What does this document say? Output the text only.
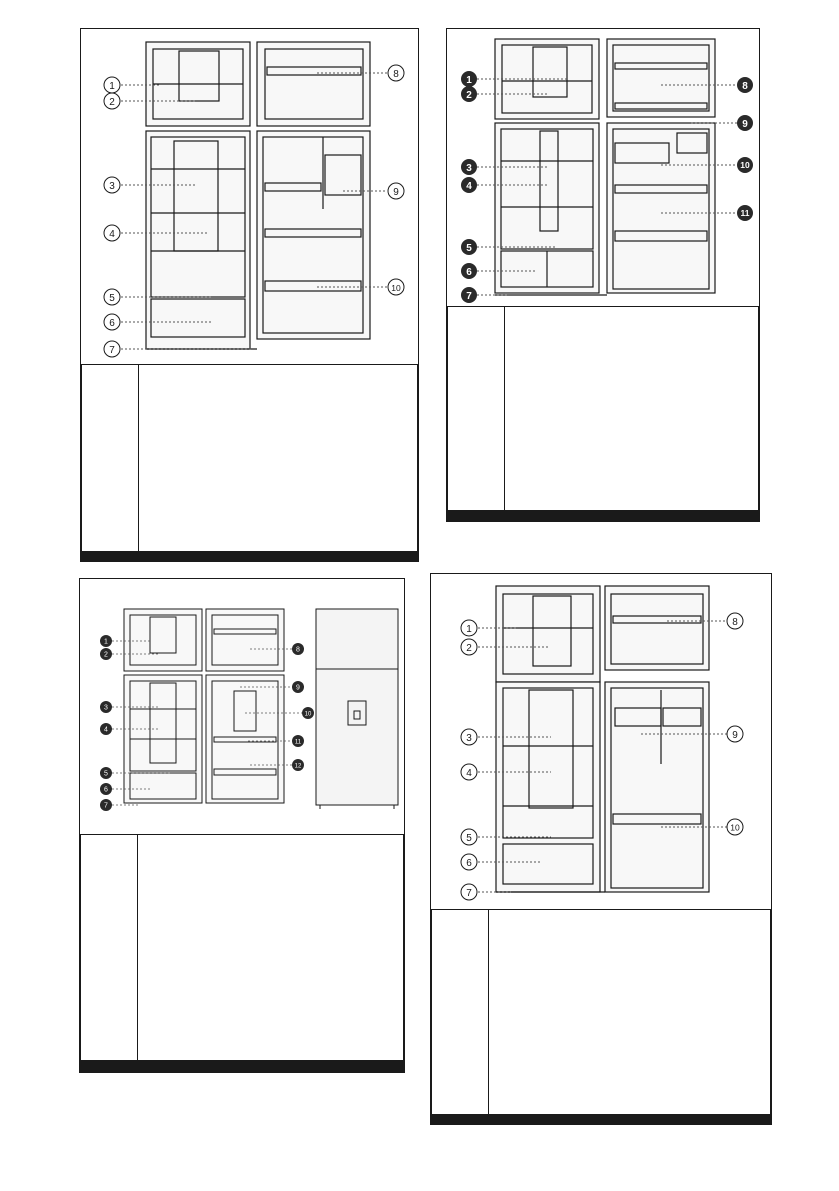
1
2
3
4
5
6
7
8
9
10

1
2
3
4
5
6
7
8
9
10
11

1
2
3
4
5
6
7
8
9
10
11
12

1
2
3
4
5
6
7
8
9
10
